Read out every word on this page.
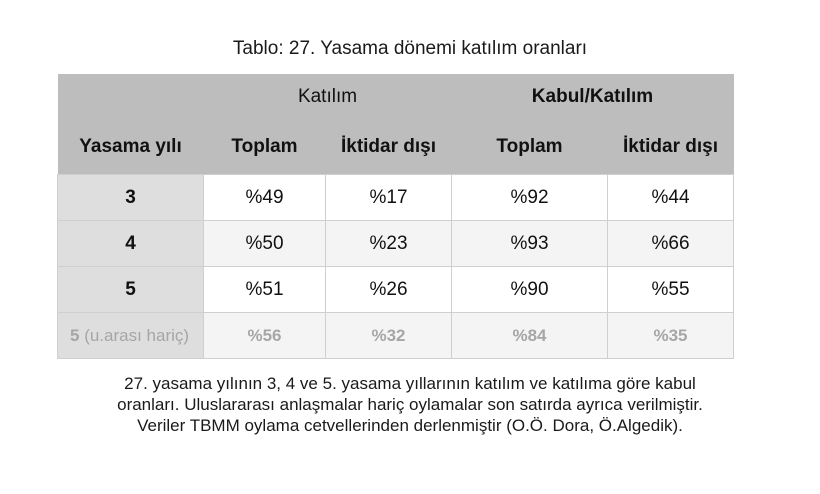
Tablo: 27. Yasama dönemi katılım oranları
	Katılım		Kabul/Katılım	
Yasama yılı	Toplam	İktidar dışı	Toplam	İktidar dışı
3	%49	%17	%92	%44
4	%50	%23	%93	%66
5	%51	%26	%90	%55
5 (u.arası hariç)	%56	%32	%84	%35
27. yasama yılının 3, 4 ve 5. yasama yıllarının katılım ve katılıma göre kabul
oranları. Uluslararası anlaşmalar hariç oylamalar son satırda ayrıca verilmiştir.
Veriler TBMM oylama cetvellerinden derlenmiştir (O.Ö. Dora, Ö.Algedik).
